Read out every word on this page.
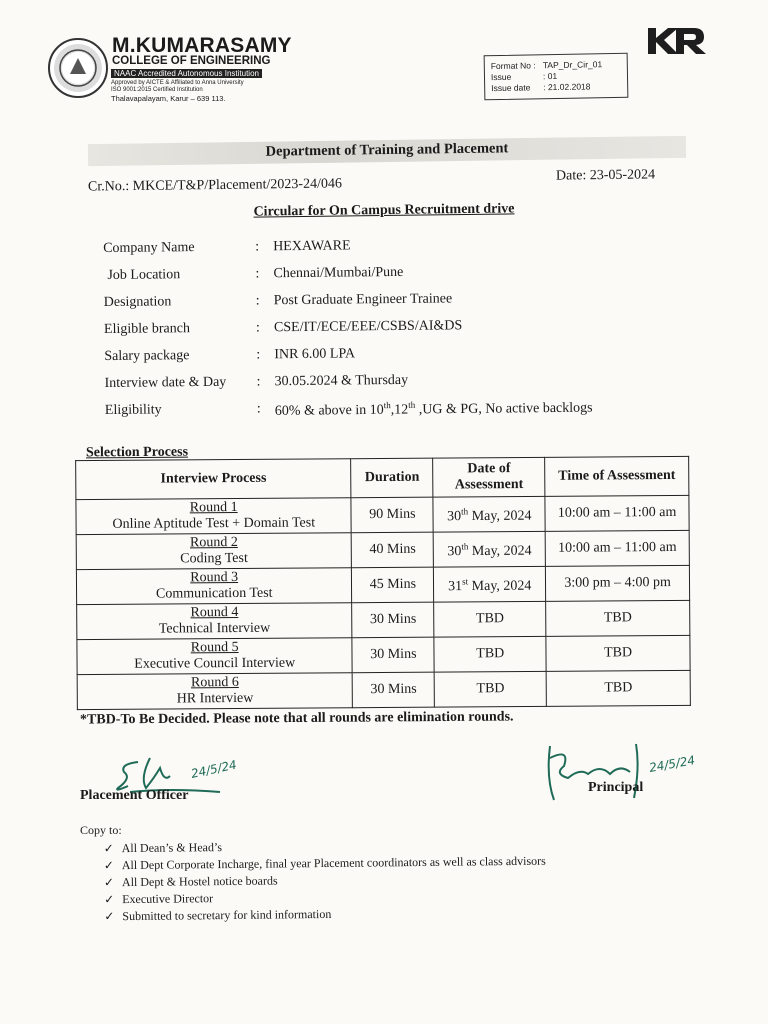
M.KUMARASAMY
COLLEGE OF ENGINEERING
NAAC Accredited Autonomous Institution
Approved by AICTE & Affiliated to Anna University
ISO 9001:2015 Certified Institution
Thalavapalayam, Karur – 639 113.
Format No : TAP_Dr_Cir_01
Issue	: 01
Issue date : 21.02.2018
Department of Training and Placement
Cr.No.: MKCE/T&P/Placement/2023-24/046
Date: 23-05-2024
Circular for On Campus Recruitment drive
Company Name	: HEXAWARE
Job Location	: Chennai/Mumbai/Pune
Designation	: Post Graduate Engineer Trainee
Eligible branch	: CSE/IT/ECE/EEE/CSBS/AI&DS
Salary package	: INR 6.00 LPA
Interview date & Day : 30.05.2024 & Thursday
Eligibility	: 60% & above in 10th,12th ,UG & PG, No active backlogs
Selection Process
Interview Process	Duration	Date of Assessment	Time of Assessment

Round 1
Online Aptitude Test + Domain Test	90 Mins	30th May, 2024	10:00 am – 11:00 am

Round 2
Coding Test	40 Mins	30th May, 2024	10:00 am – 11:00 am

Round 3
Communication Test	45 Mins	31st May, 2024	3:00 pm – 4:00 pm

Round 4
Technical Interview	30 Mins	TBD	TBD

Round 5
Executive Council Interview	30 Mins	TBD	TBD

Round 6
HR Interview	30 Mins	TBD	TBD
*TBD-To Be Decided. Please note that all rounds are elimination rounds.
24/5/24
Placement Officer
24/5/24
Principal
Copy to:
✓ All Dean’s & Head’s
✓ All Dept Corporate Incharge, final year Placement coordinators as well as class advisors
✓ All Dept & Hostel notice boards
✓ Executive Director
✓ Submitted to secretary for kind information
